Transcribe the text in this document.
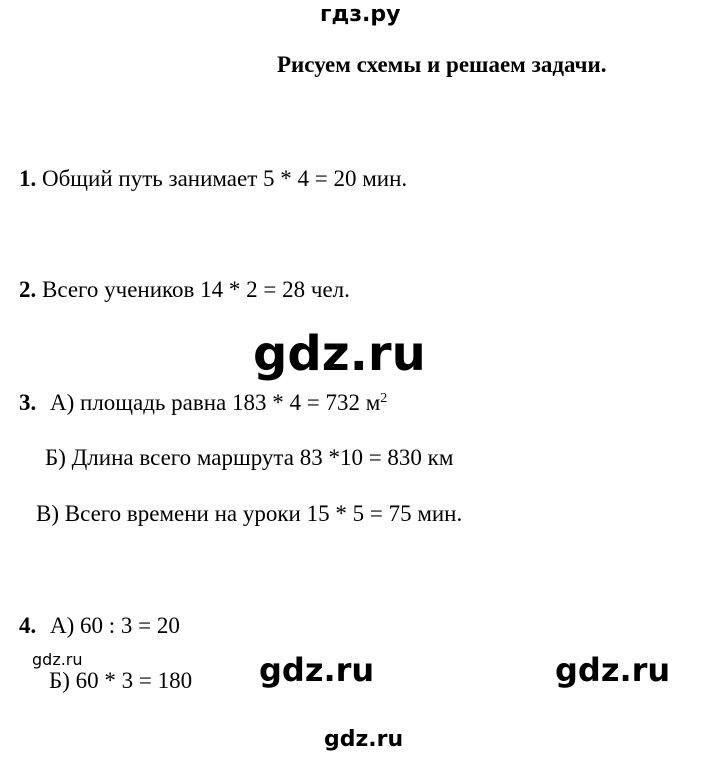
гдз.ру
Рисуем схемы и решаем задачи.
1. Общий путь занимает 5 * 4 = 20 мин.
2. Всего учеников 14 * 2 = 28 чел.
gdz.ru
3. А) площадь равна 183 * 4 = 732 $м^2$
Б) Длина всего маршрута 83 *10 = 830 км
В) Всего времени на уроки 15 * 5 = 75 мин.
4. А) 60 : 3 = 20
gdz.ru
Б) 60 * 3 = 180 gdz.ru	gdz.ru
gdz.ru
